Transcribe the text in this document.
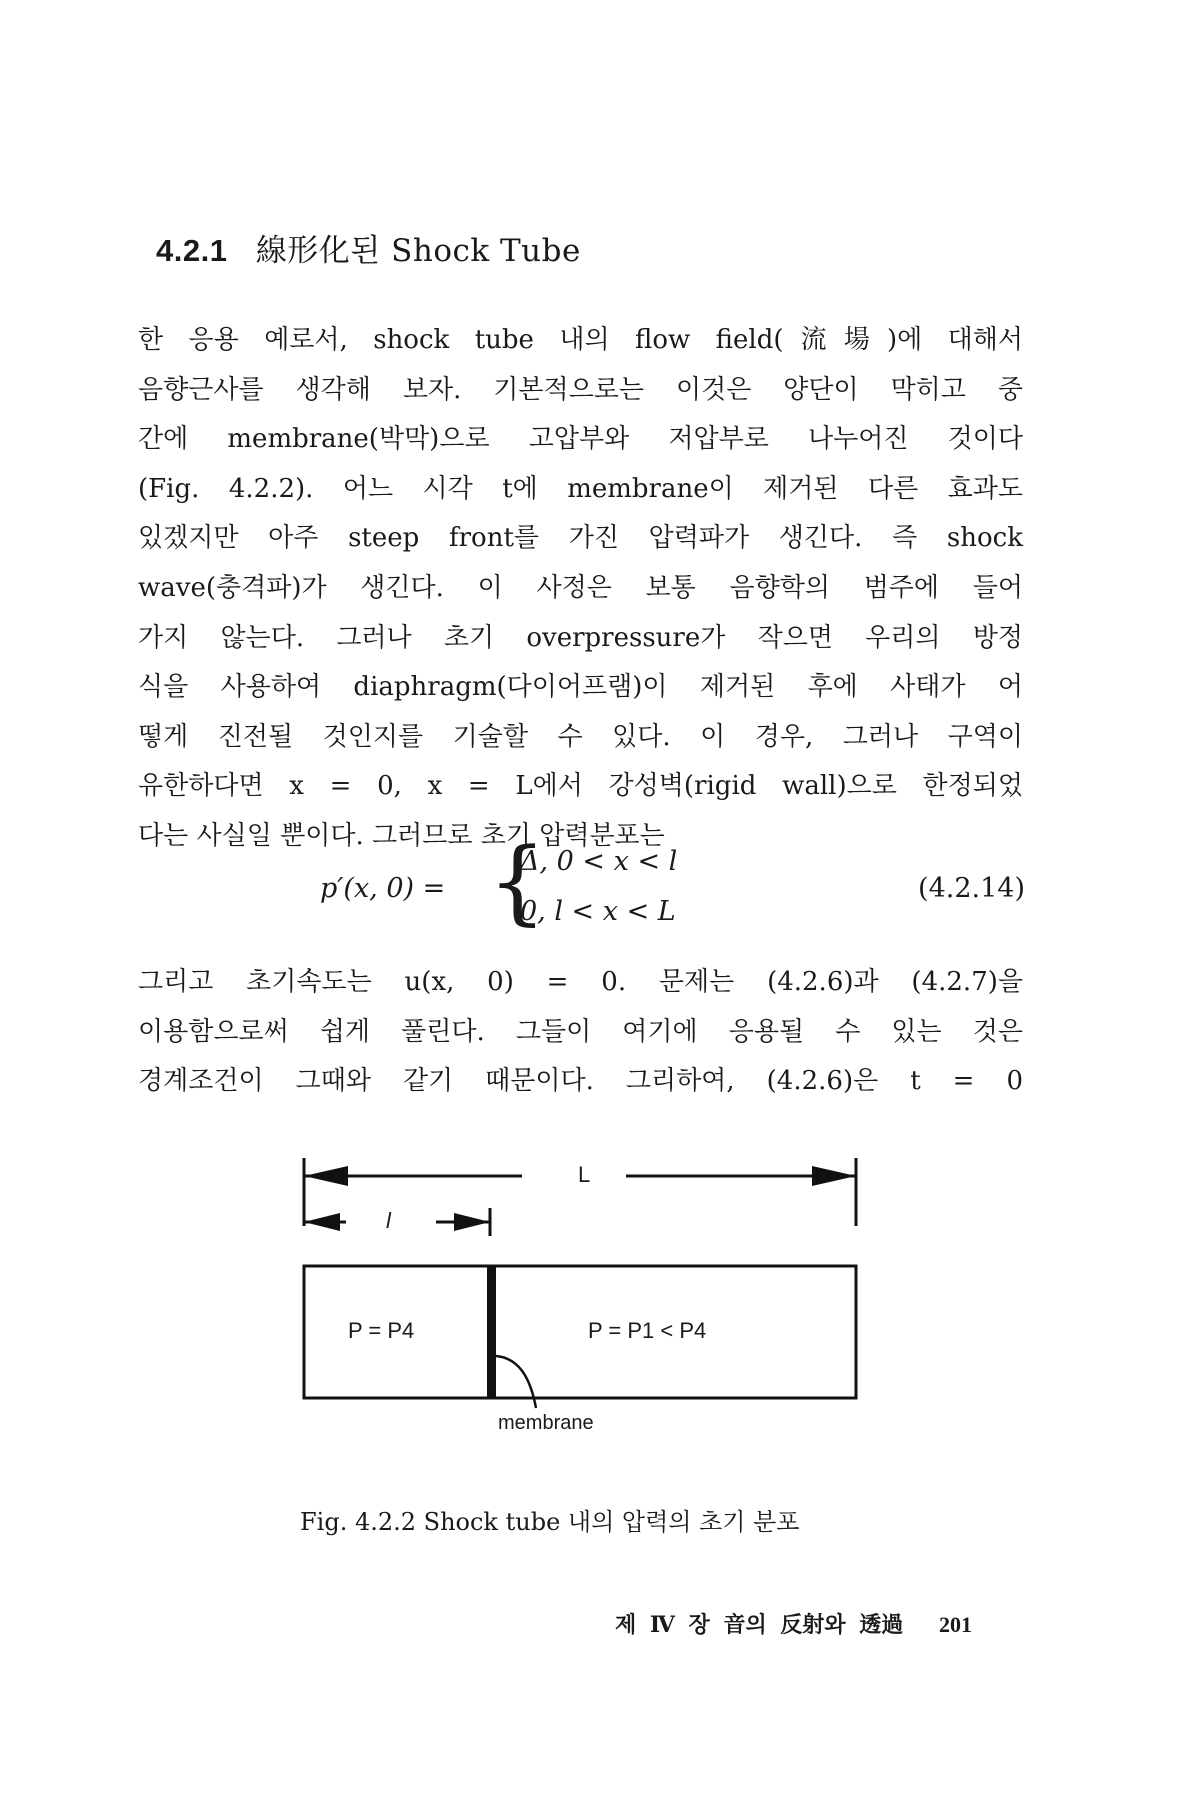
4.2.1 線形化된 Shock Tube
한 응용 예로서, shock tube 내의 flow field(流場)에 대해서
음향근사를 생각해 보자. 기본적으로는 이것은 양단이 막히고 중
간에 membrane(박막)으로 고압부와 저압부로 나누어진 것이다
(Fig. 4.2.2). 어느 시각 t에 membrane이 제거된 다른 효과도
있겠지만 아주 steep front를 가진 압력파가 생긴다. 즉 shock
wave(충격파)가 생긴다. 이 사정은 보통 음향학의 범주에 들어
가지 않는다. 그러나 초기 overpressure가 작으면 우리의 방정
식을 사용하여 diaphragm(다이어프램)이 제거된 후에 사태가 어
떻게 진전될 것인지를 기술할 수 있다. 이 경우, 그러나 구역이
유한하다면 x = 0, x = L에서 강성벽(rigid wall)으로 한정되었
다는 사실일 뿐이다. 그러므로 초기 압력분포는
p′(x, 0) = {
Δ, 0 < x < l
0, l < x < L
(4.2.14)
그리고 초기속도는 u(x, 0) = 0. 문제는 (4.2.6)과 (4.2.7)을
이용함으로써 쉽게 풀린다. 그들이 여기에 응용될 수 있는 것은
경계조건이 그때와 같기 때문이다. 그리하여, (4.2.6)은 t = 0
L
l
P = P4	P = P1 < P4
membrane
Fig. 4.2.2 Shock tube 내의 압력의 초기 분포
제 Ⅳ 장 音의 反射와 透過 201
